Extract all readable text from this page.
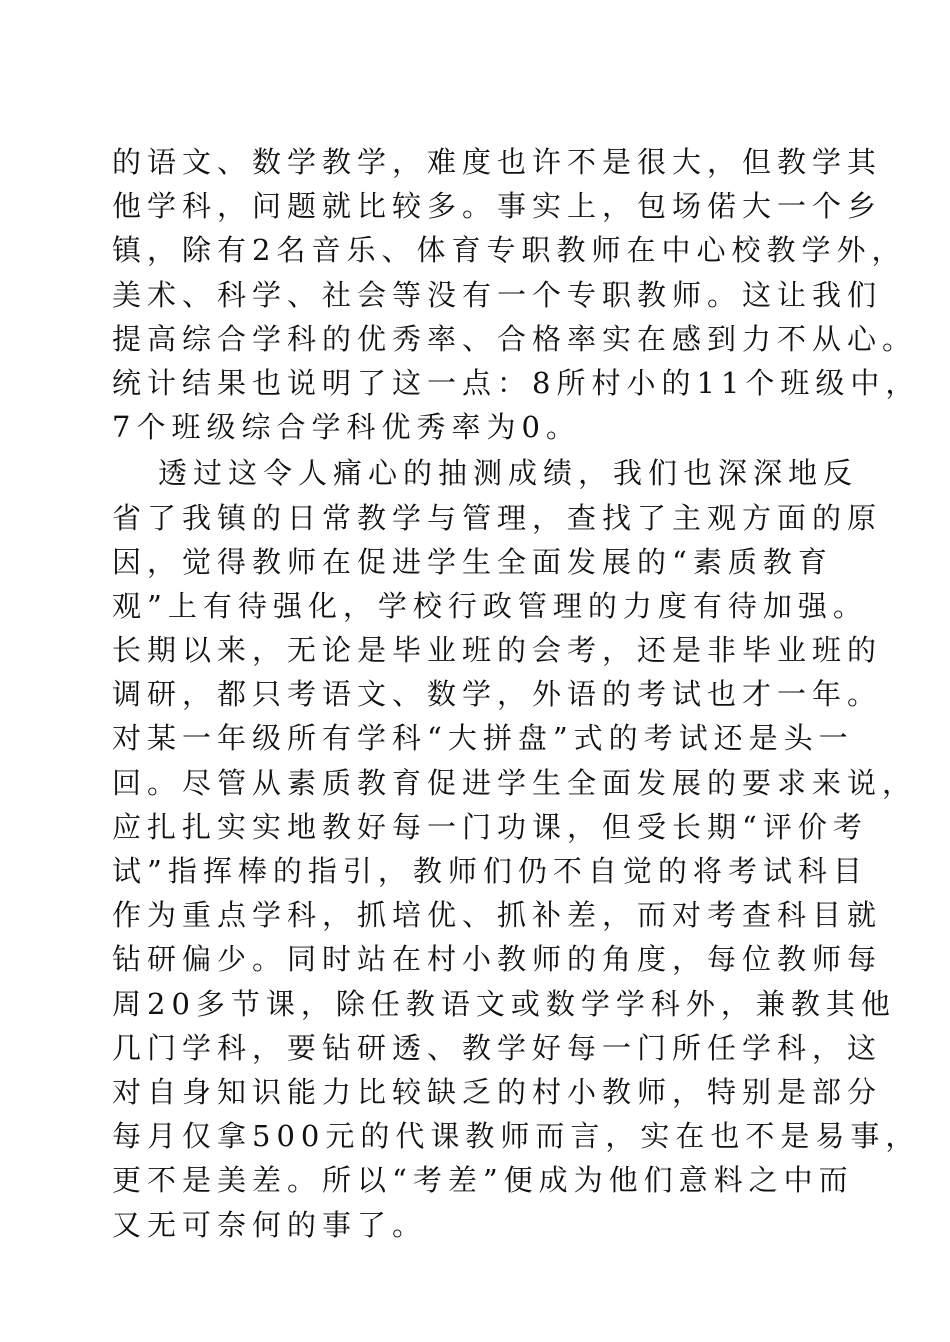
的语文、数学教学，难度也许不是很大，但教学其
他学科，问题就比较多。事实上，包场偌大一个乡
镇，除有2名音乐、体育专职教师在中心校教学外，
美术、科学、社会等没有一个专职教师。这让我们
提高综合学科的优秀率、合格率实在感到力不从心。
统计结果也说明了这一点：8所村小的11个班级中，
7个班级综合学科优秀率为0。
透过这令人痛心的抽测成绩，我们也深深地反
省了我镇的日常教学与管理，查找了主观方面的原
因，觉得教师在促进学生全面发展的“素质教育
观”上有待强化，学校行政管理的力度有待加强。
长期以来，无论是毕业班的会考，还是非毕业班的
调研，都只考语文、数学，外语的考试也才一年。
对某一年级所有学科“大拼盘”式的考试还是头一
回。尽管从素质教育促进学生全面发展的要求来说，
应扎扎实实地教好每一门功课，但受长期“评价考
试”指挥棒的指引，教师们仍不自觉的将考试科目
作为重点学科，抓培优、抓补差，而对考查科目就
钻研偏少。同时站在村小教师的角度，每位教师每
周20多节课，除任教语文或数学学科外，兼教其他
几门学科，要钻研透、教学好每一门所任学科，这
对自身知识能力比较缺乏的村小教师，特别是部分
每月仅拿500元的代课教师而言，实在也不是易事，
更不是美差。所以“考差”便成为他们意料之中而
又无可奈何的事了。
